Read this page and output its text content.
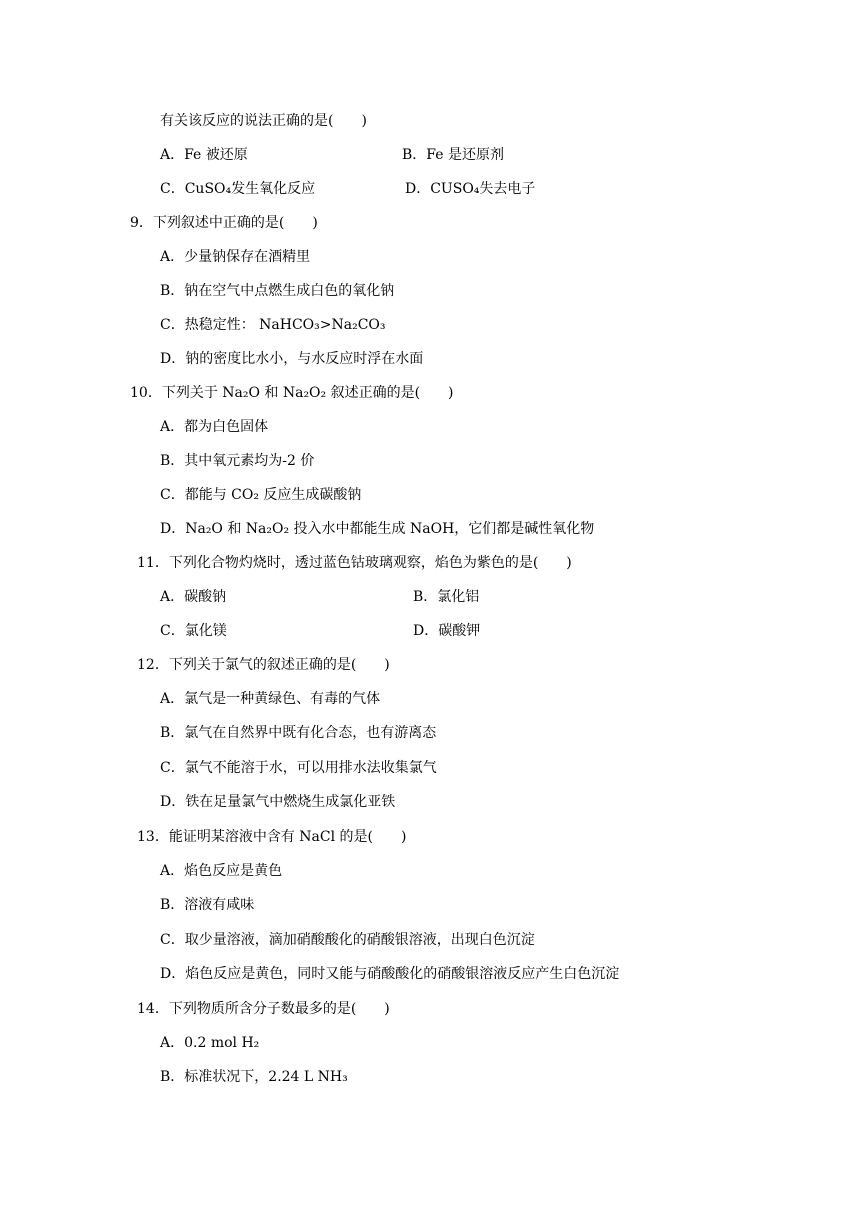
有关该反应的说法正确的是(　　)
A．Fe 被还原	B．Fe 是还原剂
C．CuSO₄发生氧化反应	D．CUSO₄失去电子
9．下列叙述中正确的是(　　)
A．少量钠保存在酒精里
B．钠在空气中点燃生成白色的氧化钠
C．热稳定性： NaHCO₃>Na₂CO₃
D．钠的密度比水小，与水反应时浮在水面
10．下列关于 Na₂O 和 Na₂O₂ 叙述正确的是(　　)
A．都为白色固体
B．其中氧元素均为-2 价
C．都能与 CO₂ 反应生成碳酸钠
D．Na₂O 和 Na₂O₂ 投入水中都能生成 NaOH，它们都是碱性氧化物
11．下列化合物灼烧时，透过蓝色钴玻璃观察，焰色为紫色的是(　　)
A．碳酸钠	B．氯化铝
C．氯化镁	D．碳酸钾
12．下列关于氯气的叙述正确的是(　　)
A．氯气是一种黄绿色、有毒的气体
B．氯气在自然界中既有化合态，也有游离态
C．氯气不能溶于水，可以用排水法收集氯气
D．铁在足量氯气中燃烧生成氯化亚铁
13．能证明某溶液中含有 NaCl 的是(　　)
A．焰色反应是黄色
B．溶液有咸味
C．取少量溶液，滴加硝酸酸化的硝酸银溶液，出现白色沉淀
D．焰色反应是黄色，同时又能与硝酸酸化的硝酸银溶液反应产生白色沉淀
14．下列物质所含分子数最多的是(　　)
A．0.2 mol H₂
B．标准状况下，2.24 L NH₃
